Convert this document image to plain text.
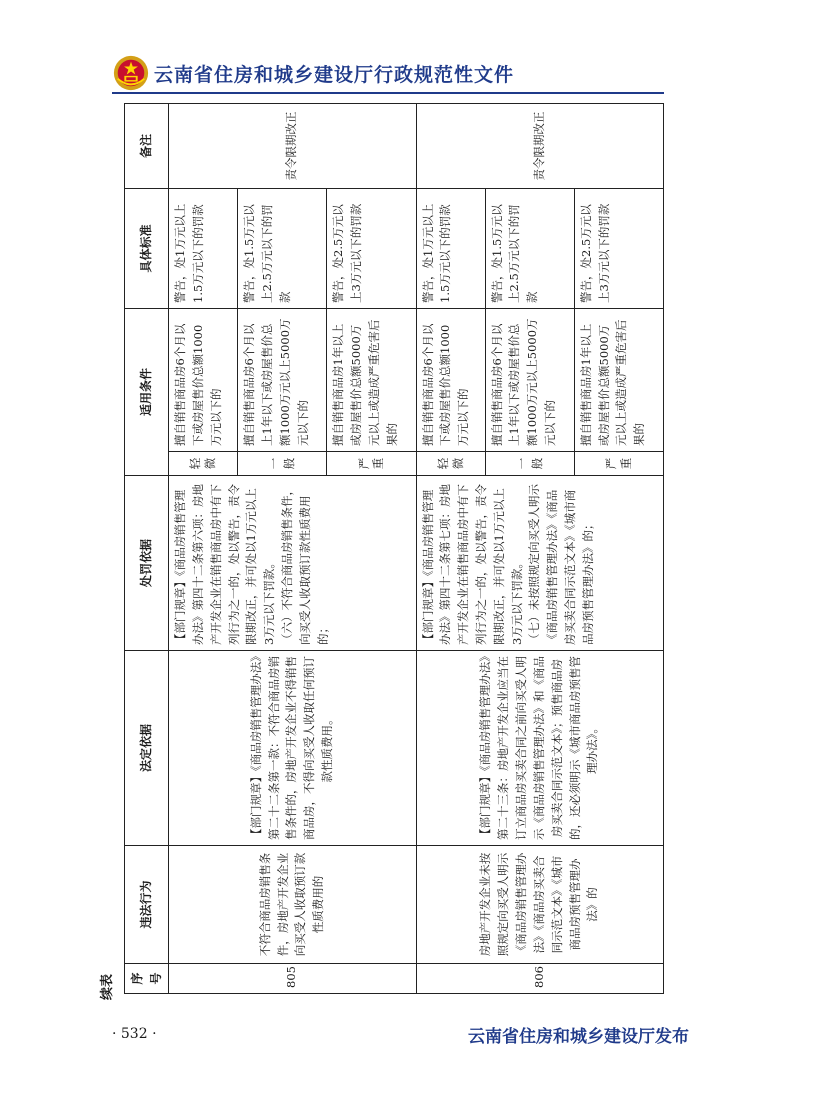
云南省住房和城乡建设厅行政规范性文件
续表 序号	违法行为	法定依据	处罚依据	适用条件		具体标准	备注
805	不符合商品房销售条件，房地产开发企业向买受人收取预订款性质费用的	【部门规章】《商品房销售管理办法》第二十二条第一款：不符合商品房销售条件的，房地产开发企业不得销售商品房，不得向买受人收取任何预订款性质费用。	【部门规章】《商品房销售管理办法》第四十二条第六项：房地产开发企业在销售商品房中有下列行为之一的，处以警告，责令限期改正，并可处以1万元以上3万元以下罚款。
（六）不符合商品房销售条件，向买受人收取预订款性质费用的；	轻微	擅自销售商品房6个月以下或房屋售价总额1000万元以下的	警告，处1万元以上1.5万元以下的罚款	责令限期改正

				一般	擅自销售商品房6个月以上1年以下或房屋售价总额1000万元以上5000万元以下的	警告，处1.5万元以上2.5万元以下的罚款	

				严重	擅自销售商品房1年以上或房屋售价总额5000万元以上或造成严重危害后果的	警告，处2.5万元以上3万元以下的罚款	
806	房地产开发企业未按照规定向买受人明示《商品房销售管理办法》《商品房买卖合同示范文本》《城市商品房预售管理办法》的	【部门规章】《商品房销售管理办法》第二十三条：房地产开发企业应当在订立商品房买卖合同之前向买受人明示《商品房销售管理办法》和《商品房买卖合同示范文本》；预售商品房的，还必须明示《城市商品房预售管理办法》。	【部门规章】《商品房销售管理办法》第四十二条第七项：房地产开发企业在销售商品房中有下列行为之一的，处以警告，责令限期改正，并可处以1万元以上3万元以下罚款。
（七）未按照规定向买受人明示《商品房销售管理办法》《商品房买卖合同示范文本》《城市商品房预售管理办法》的；	轻微	擅自销售商品房6个月以下或房屋售价总额1000万元以下的	警告，处1万元以上1.5万元以下的罚款	责令限期改正

				一般	擅自销售商品房6个月以上1年以下或房屋售价总额1000万元以上5000万元以下的	警告，处1.5万元以上2.5万元以下的罚款	

				严重	擅自销售商品房1年以上或房屋售价总额5000万元以上或造成严重危害后果的	警告，处2.5万元以上3万元以下的罚款	
· 532 ·	云南省住房和城乡建设厅发布
